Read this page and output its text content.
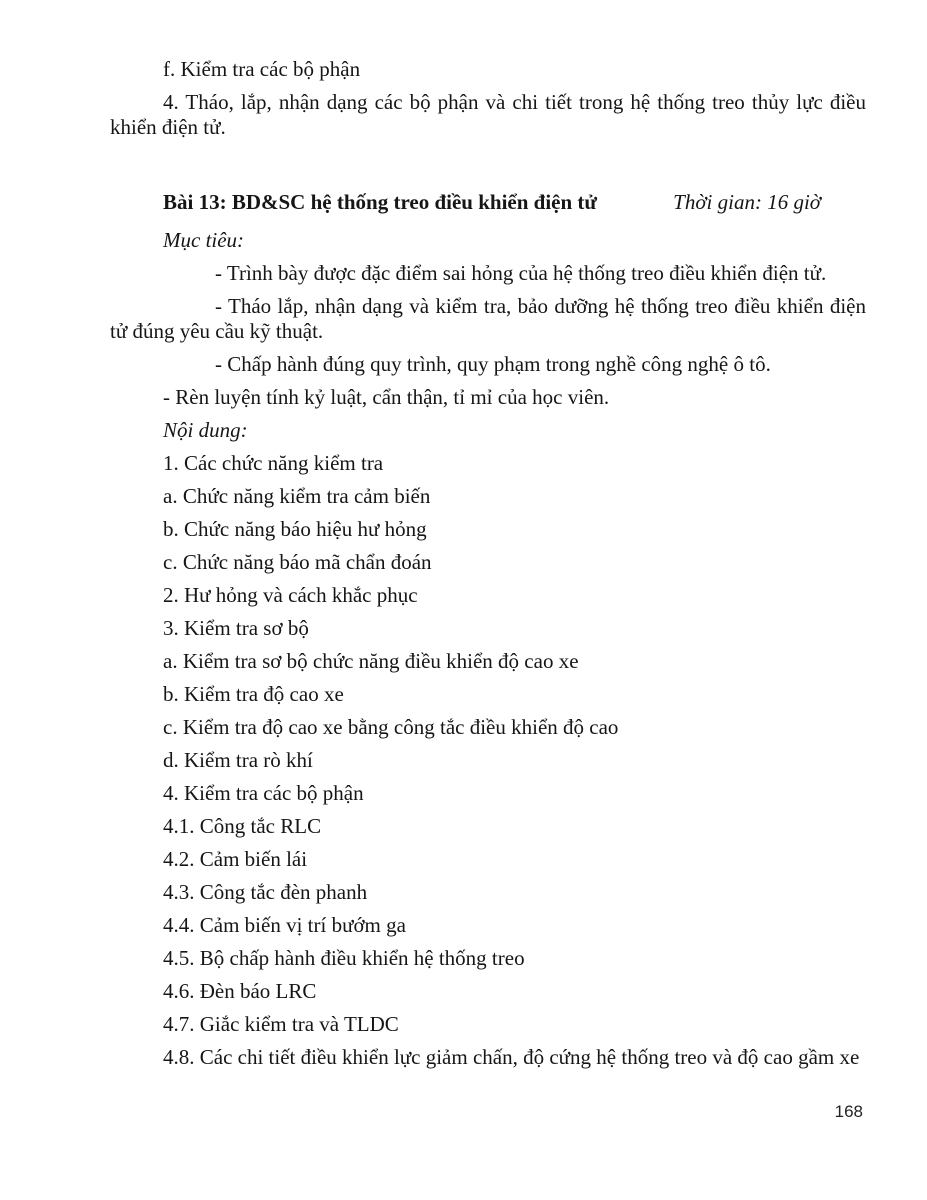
f. Kiểm tra các bộ phận

4. Tháo, lắp, nhận dạng các bộ phận và chi tiết trong hệ thống treo thủy lực điều khiển điện tử.

Bài 13: BD&SC hệ thống treo điều khiển điện tử	Thời gian: 16 giờ

Mục tiêu:

- Trình bày được đặc điểm sai hỏng của hệ thống treo điều khiển điện tử.

- Tháo lắp, nhận dạng và kiểm tra, bảo dưỡng hệ thống treo điều khiển điện tử đúng yêu cầu kỹ thuật.

- Chấp hành đúng quy trình, quy phạm trong nghề công nghệ ô tô.

- Rèn luyện tính kỷ luật, cẩn thận, tỉ mỉ của học viên.

Nội dung:

1. Các chức năng kiểm tra

a. Chức năng kiểm tra cảm biến

b. Chức năng báo hiệu hư hỏng

c. Chức năng báo mã chẩn đoán

2. Hư hỏng và cách khắc phục

3. Kiểm tra sơ bộ

a. Kiểm tra sơ bộ chức năng điều khiển độ cao xe

b. Kiểm tra độ cao xe

c. Kiểm tra độ cao xe bằng công tắc điều khiển độ cao

d. Kiểm tra rò khí

4. Kiểm tra các bộ phận

4.1. Công tắc RLC

4.2. Cảm biến lái

4.3. Công tắc đèn phanh

4.4. Cảm biến vị trí bướm ga

4.5. Bộ chấp hành điều khiển hệ thống treo

4.6. Đèn báo LRC

4.7. Giắc kiểm tra và TLDC

4.8. Các chi tiết điều khiển lực giảm chấn, độ cứng hệ thống treo và độ cao gầm xe

168
